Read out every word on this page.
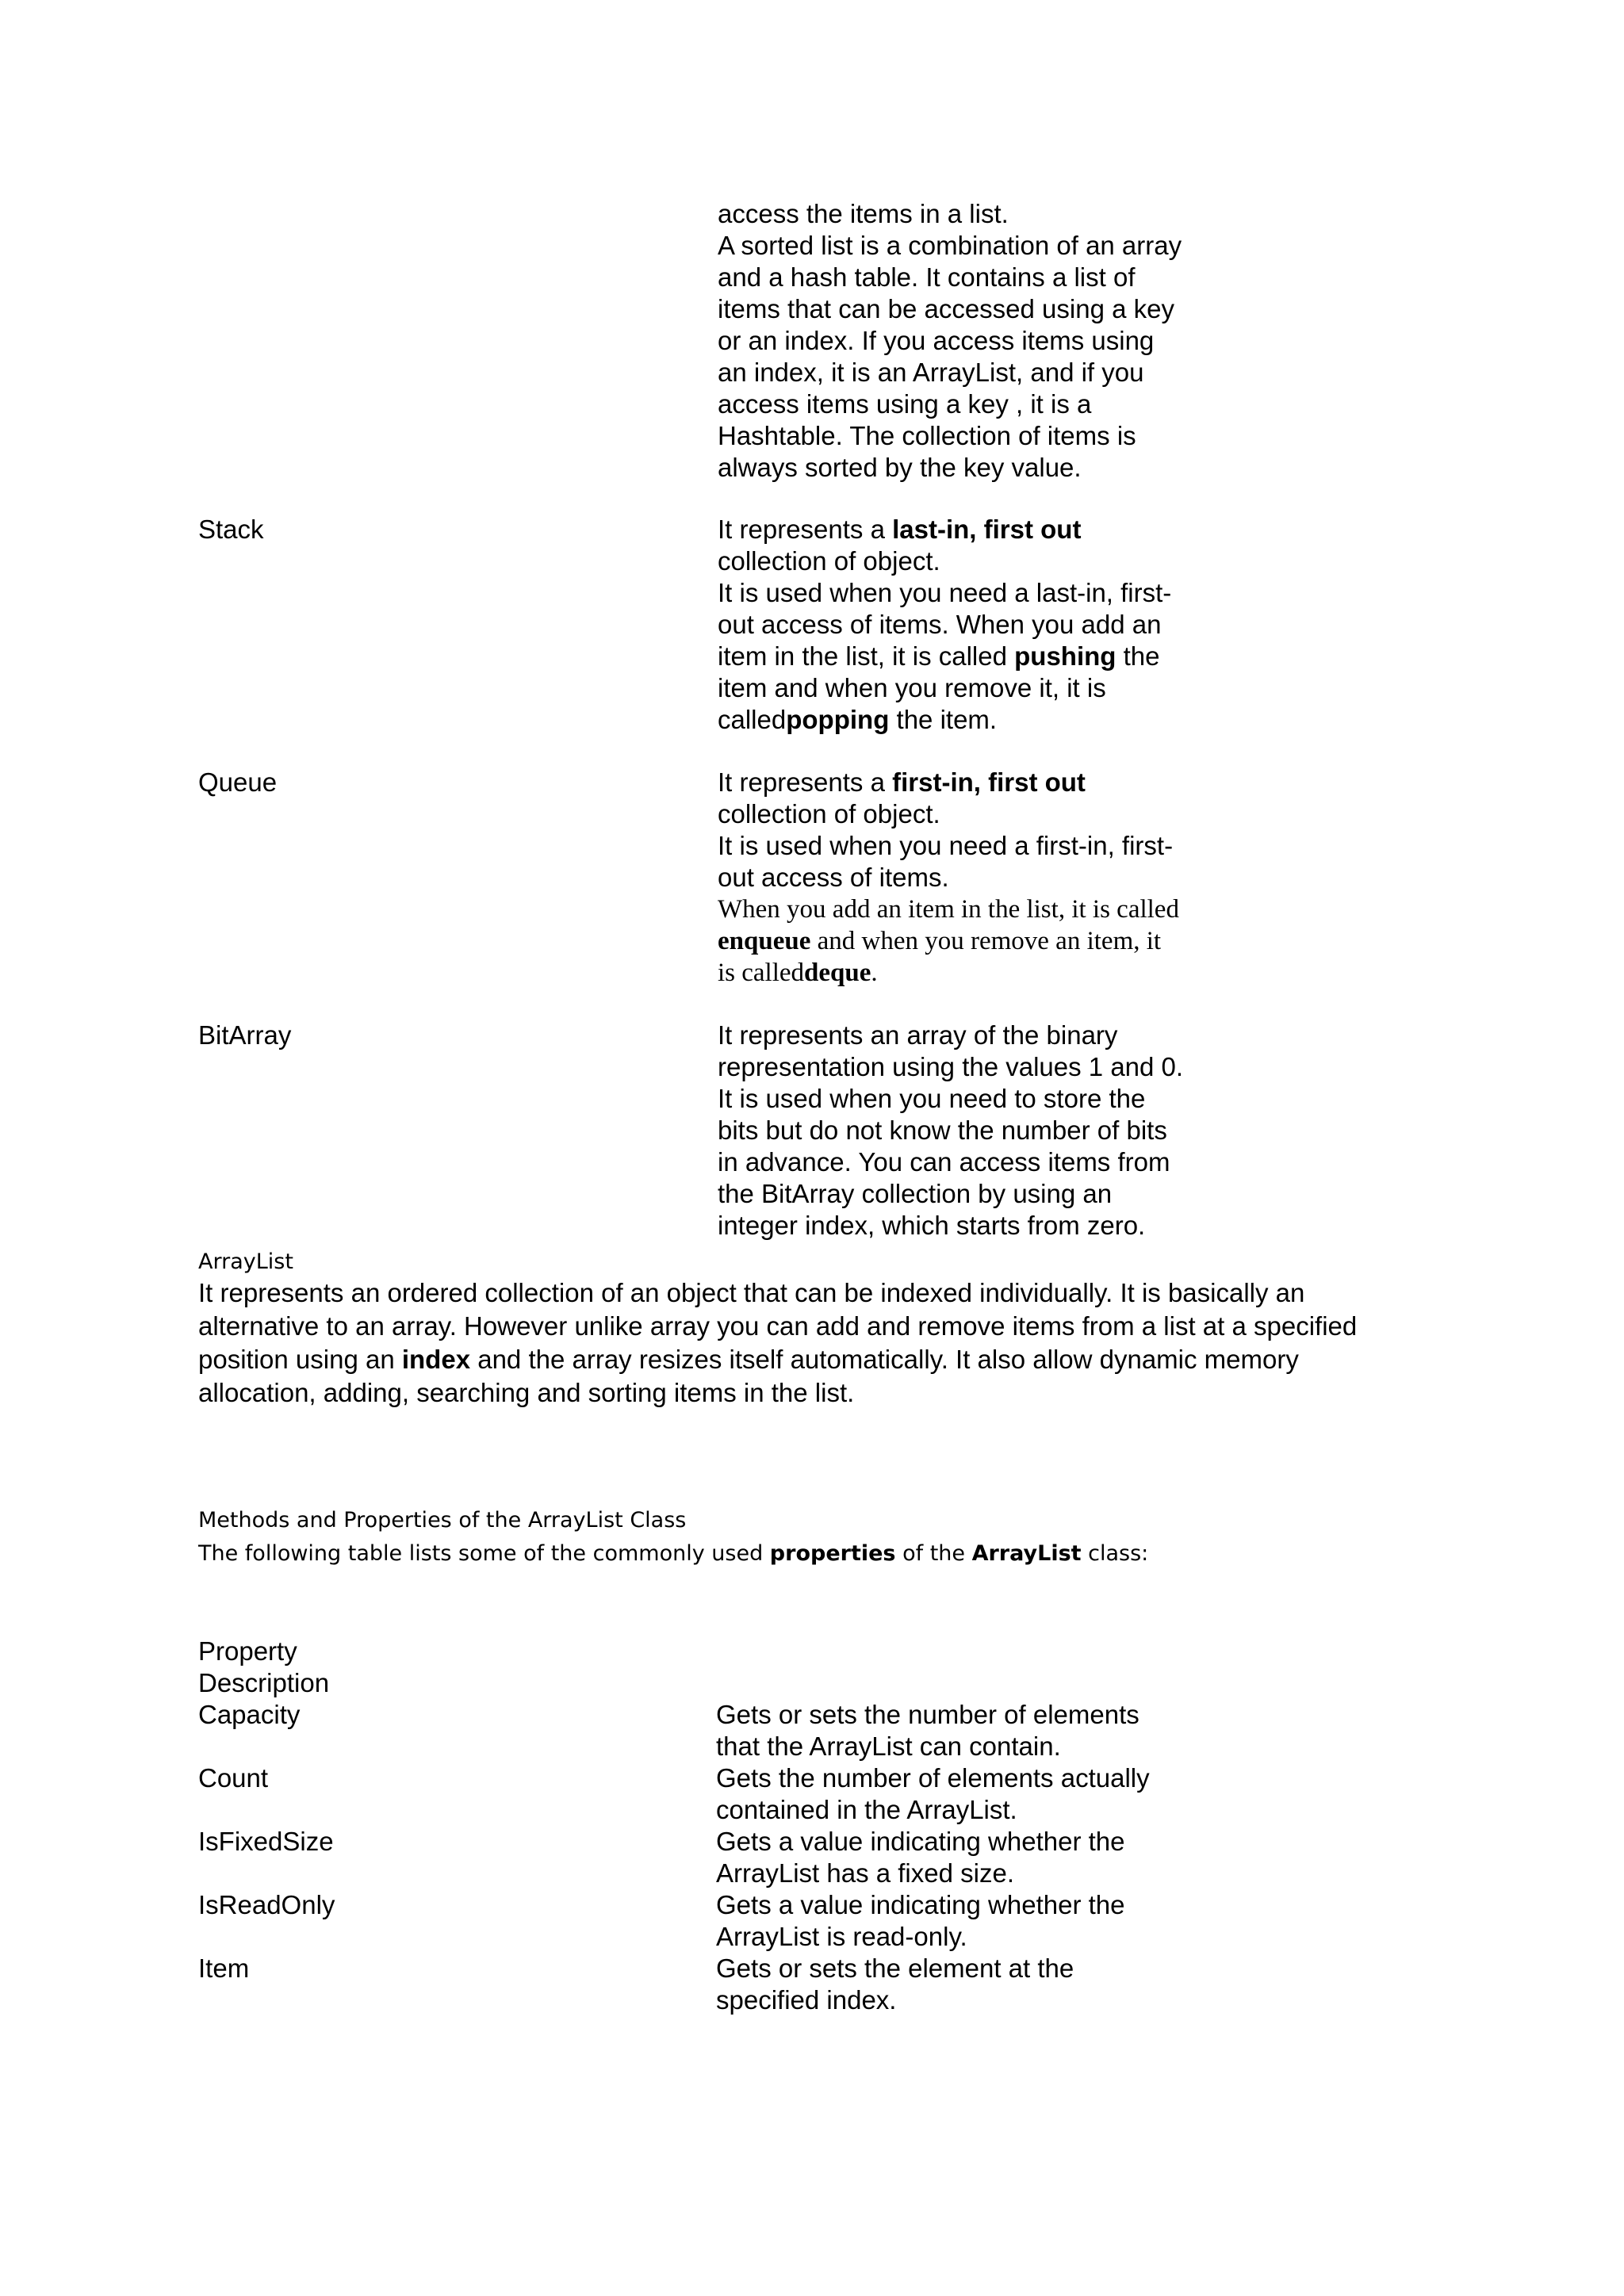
access the items in a list.
A sorted list is a combination of an array
and a hash table. It contains a list of
items that can be accessed using a key
or an index. If you access items using
an index, it is an ArrayList, and if you
access items using a key , it is a
Hashtable. The collection of items is
always sorted by the key value.
Stack	It represents a last-in, first out
collection of object.
It is used when you need a last-in, first-
out access of items. When you add an
item in the list, it is called pushing the
item and when you remove it, it is
calledpopping the item.
Queue	It represents a first-in, first out
collection of object.
It is used when you need a first-in, first-
out access of items.
When you add an item in the list, it is called
enqueue and when you remove an item, it
is calleddeque.
BitArray	It represents an array of the binary
representation using the values 1 and 0.
It is used when you need to store the
bits but do not know the number of bits
in advance. You can access items from
the BitArray collection by using an
integer index, which starts from zero.
ArrayList
It represents an ordered collection of an object that can be indexed individually. It is basically an
alternative to an array. However unlike array you can add and remove items from a list at a specified
position using an index and the array resizes itself automatically. It also allow dynamic memory
allocation, adding, searching and sorting items in the list.
Methods and Properties of the ArrayList Class
The following table lists some of the commonly used properties of the ArrayList class:
Property
Description
Capacity	Gets or sets the number of elements
that the ArrayList can contain.
Count	Gets the number of elements actually
contained in the ArrayList.
IsFixedSize	Gets a value indicating whether the
ArrayList has a fixed size.
IsReadOnly	Gets a value indicating whether the
ArrayList is read-only.
Item	Gets or sets the element at the
specified index.
